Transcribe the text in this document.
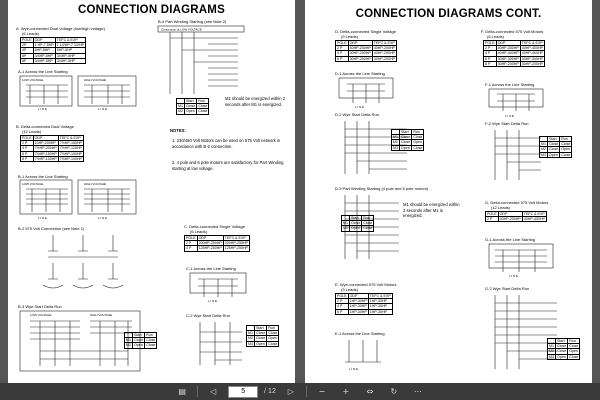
CONNECTION DIAGRAMS
A. Wye-connected Dual Voltage (low/high voltage)
(6 Leads)
POLE	ODP	TEFC & EXP
2P	1 HP-7.5HP	1 1/2HP-7 1/2HP
4P	5HP-5HP	5HP-5HP
6P	3/4HP-5HP	3/4HP-5HP
8P	3/4HP-5HP	3/4HP-5HP
A-1 Across the Line Starting
LOW VOLTAGE	HIGH VOLTAGE
L I N E	L I N E
B. Delta-connected Dual Voltage
(12 Leads)
POLE	ODP	TEFC & EXP
2 P	10HP-200HP	7½HP-150HP
4 P	7½HP-200HP	7½HP-125HP
6 P	7½HP-150HP	7½HP-100HP
8 P	7½HP-100HP	7½HP-100HP
B-1 Across the Line Starting
LOW VOLTAGE	HIGH VOLTAGE
L I N E	L I N E
B-2 575 Volt Connection (see Note 1)
B-3 Wye Start Delta Run
LOW VOLTAGE	HIGH VOLTAGE
	Start	Run
M1	Close	Close
M2	Open	Close
B-4 Part Winding Starting (see Note 2)
Connection at LOW VOLTAGE
	Start	Run
M1	Close	Close
M2	Open	Close
M1 should be energized within 2 seconds after M1 is energized.
NOTES:
1. 230/460 Volt Motors can be used on 575 Volt network in accordance with B-2 connection.
2. 4 pole and 6 pole motors are satisfactory for Part Winding starting at low voltage.
C. Delta-connected Single Voltage
(6 Leads)
POLE	ODP	TEFC & EXP
2 P	200HP-250HP	200HP-250HP
4 P	125HP-250HP	125HP-250HP
C-1 Across the Line Starting
L I N E
C-2 Wye Start Delta Run
	Start	Run
M1	Close	Close
M2	Close	Open
M3	Open	Close
CONNECTION DIAGRAMS CONT.
D. Delta-connected Single Voltage
(9 Leads)
POLE	ODP	TEFC & EXP
2 P	40HP-200HP	40HP-200HP
4 P	30HP-250HP	40HP-200HP
6 P	30HP-250HP	30HP-200HP
D-1 Across the Line Starting
L I N E
D-2 Wye Start Delta Run
	Start	Run
M1	Close	Close
M2	Close	Open
M3	Open	Close
D-3 Part Winding Starting (4 pole and 6 pole motors)
	Start	Run
M1	Close	Close
M2	Open	Close
M1 should be energized within 2 seconds after M1 is energized.
E. Wye-connected 575 Volt Motors
(3 Leads)
POLE	ODP	TEFC & EXP
2 P	1HP-30HP	1HP-30HP
4 P	1HP-30HP	1HP-30HP
6 P	1HP-30HP	1HP-30HP
E-1 Across the Line Starting
L I N E
F. Delta-connected 575 Volt Motors
(6 Leads)
POLE	ODP	TEFC & EXP
2 P	40HP-300HP	40HP-400HP
4 P	40HP-400HP	40HP-400HP
6 P	30HP-300HP	30HP-300HP
8 P	30HP-200HP	30HP-200HP
F-1 Across the Line Starting
L I N E
F-2 Wye Start Delta Run
	Start	Run
M1	Close	Close
M2	Close	Open
M3	Open	Close
G. Delta-connected 575 Volt Motors
(12 Leads)
POLE	ODP	TEFC & EXP
2 P	40HP-200HP	40HP-400HP
G-1 Across the Line Starting
L I N E
G-2 Wye Start Delta Run
	Start	Run
M1	Close	Close
M2	Close	Open
M3	Open	Close
▤	◁	5	/ 12	▷	−	+	⇔	↻	⋯
